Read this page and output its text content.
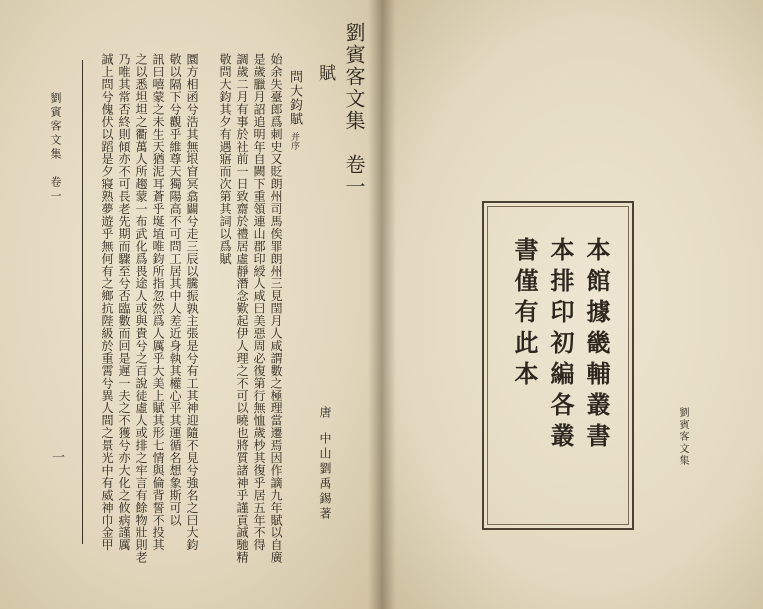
劉賓客文集　卷一
賦
唐
中山劉禹錫著
問大鈞賦并序
始余失臺郎爲刺史又貶朗州司馬俟罪朗州三見閏月人咸謂數之極理當遷焉因作謫九年賦以自廣
是歲臘月詔追明年自闕下重領連山郡印綬人咸曰美惡周必復第行無恤歲杪其復乎居五年不得
調歲二月有事於社前一日致齋於禮居虛靜潛念歎起伊人理之不可以曉也將質諸神乎謹貢誠馳精
敬問大鈞其夕有遇寤而次第其詞以爲賦
圜方相函兮浩其無垠窅冥翕闢兮走三辰以騰振孰主張是兮有工其神迎隨不見兮強名之曰大鈞
敬以隔下兮觀乎維尊天獨陽高不可問工居其中人差近身執其權心平其運循名想象斯可以
訊曰嘻蒙之未生天猶泥耳蒼乎埏埴唯鈞所指忽然爲人厲乎大美上賦其形七情與倫背誓不投其
之以悉坦坦之衢萬人所趨蒙一布武化爲畏途人或與貴兮之百說徒虛人或排之牢言有餘物壯則老
乃唯其常否終則傾亦不可長老先期而驟至兮否臨數而回是遲一夫之不獲兮亦大化之攸病謹厲
誠上問兮傀伏以蹈是夕寢熟夢遊乎無何有之鄉抗陛級於重霄兮異人間之景光中有威神巾金甲
劉賓客文集　卷一
一
本館據畿輔叢書
本排印初編各叢
書僅有此本
劉賓客文集
